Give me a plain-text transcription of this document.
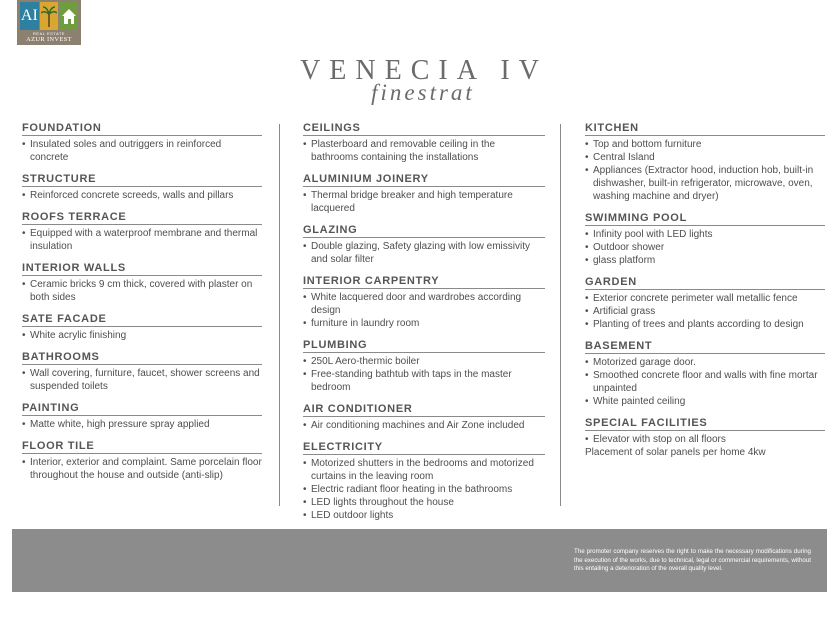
AI
REAL ESTATE
AZUR INVEST
VENECIA IV
finestrat
FOUNDATION
• Insulated soles and outriggers in reinforced concrete
STRUCTURE
• Reinforced concrete screeds, walls and pillars
ROOFS TERRACE
• Equipped with a waterproof membrane and thermal insulation
INTERIOR WALLS
• Ceramic bricks 9 cm thick, covered with plaster on both sides
SATE FACADE
• White acrylic finishing
BATHROOMS
• Wall covering, furniture, faucet, shower screens and suspended toilets
PAINTING
• Matte white, high pressure spray applied
FLOOR TILE
• Interior, exterior and complaint. Same porcelain floor throughout the house and outside (anti-slip)
CEILINGS
• Plasterboard and removable ceiling in the bathrooms containing the installations
ALUMINIUM JOINERY
• Thermal bridge breaker and high temperature lacquered
GLAZING
• Double glazing, Safety glazing with low emissivity and solar filter
INTERIOR CARPENTRY
• White lacquered door and wardrobes according design
• furniture in laundry room
PLUMBING
• 250L Aero-thermic boiler
• Free-standing bathtub with taps in the master bedroom
AIR CONDITIONER
• Air conditioning machines and Air Zone included
ELECTRICITY
• Motorized shutters in the bedrooms and motorized curtains in the leaving room
• Electric radiant floor heating in the bathrooms
• LED lights throughout the house
• LED outdoor lights
KITCHEN
• Top and bottom furniture
• Central Island
• Appliances (Extractor hood, induction hob, built-in dishwasher, built-in refrigerator, microwave, oven, washing machine and dryer)
SWIMMING POOL
• Infinity pool with LED lights
• Outdoor shower
• glass platform
GARDEN
• Exterior concrete perimeter wall metallic fence
• Artificial grass
• Planting of trees and plants according to design
BASEMENT
• Motorized garage door.
• Smoothed concrete floor and walls with fine mortar unpainted
• White painted ceiling
SPECIAL FACILITIES
• Elevator with stop on all floors
Placement of solar panels per home 4kw
The promoter company reserves the right to make the necessary modifications during the execution of the works, due to technical, legal or commercial requirements, without this entailing a deterioration of the overall quality level.
